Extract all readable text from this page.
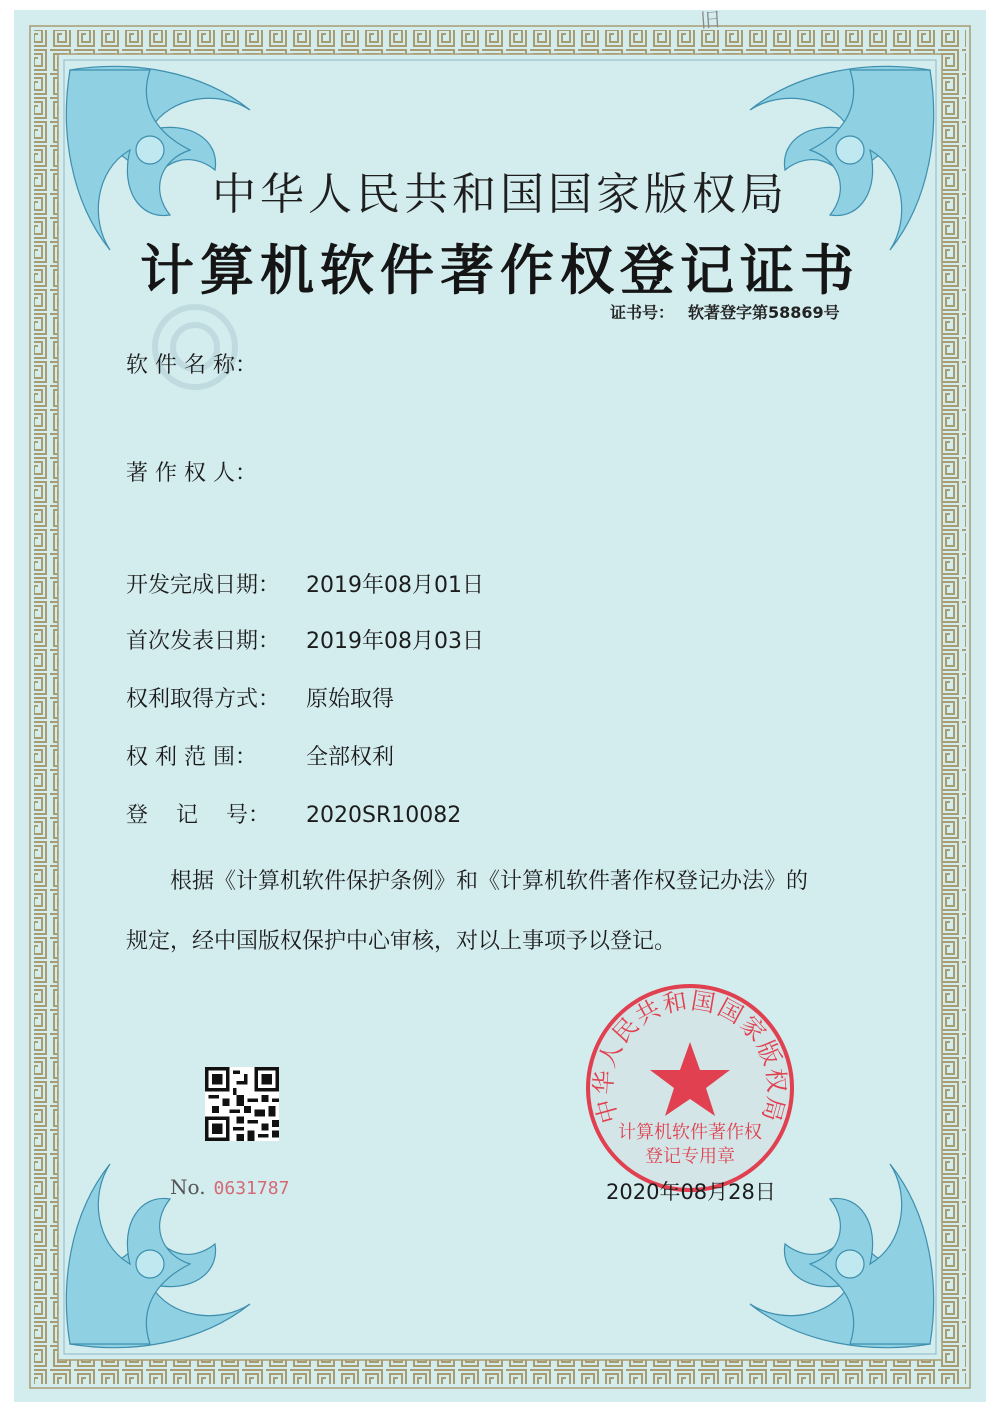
旧
中华人民共和国国家版权局
计算机软件著作权登记证书
证书号： 软著登字第58869号
软 件 名 称：
著 作 权 人：
开发完成日期： 2019年08月01日
首次发表日期： 2019年08月03日
权利取得方式： 原始取得
权 利 范 围： 全部权利
登    记    号： 2020SR10082
根据《计算机软件保护条例》和《计算机软件著作权登记办法》的
规定，经中国版权保护中心审核，对以上事项予以登记。
No. 0631787
中华人民共和国国家版权局
计算机软件著作权
登记专用章
2020年08月28日
